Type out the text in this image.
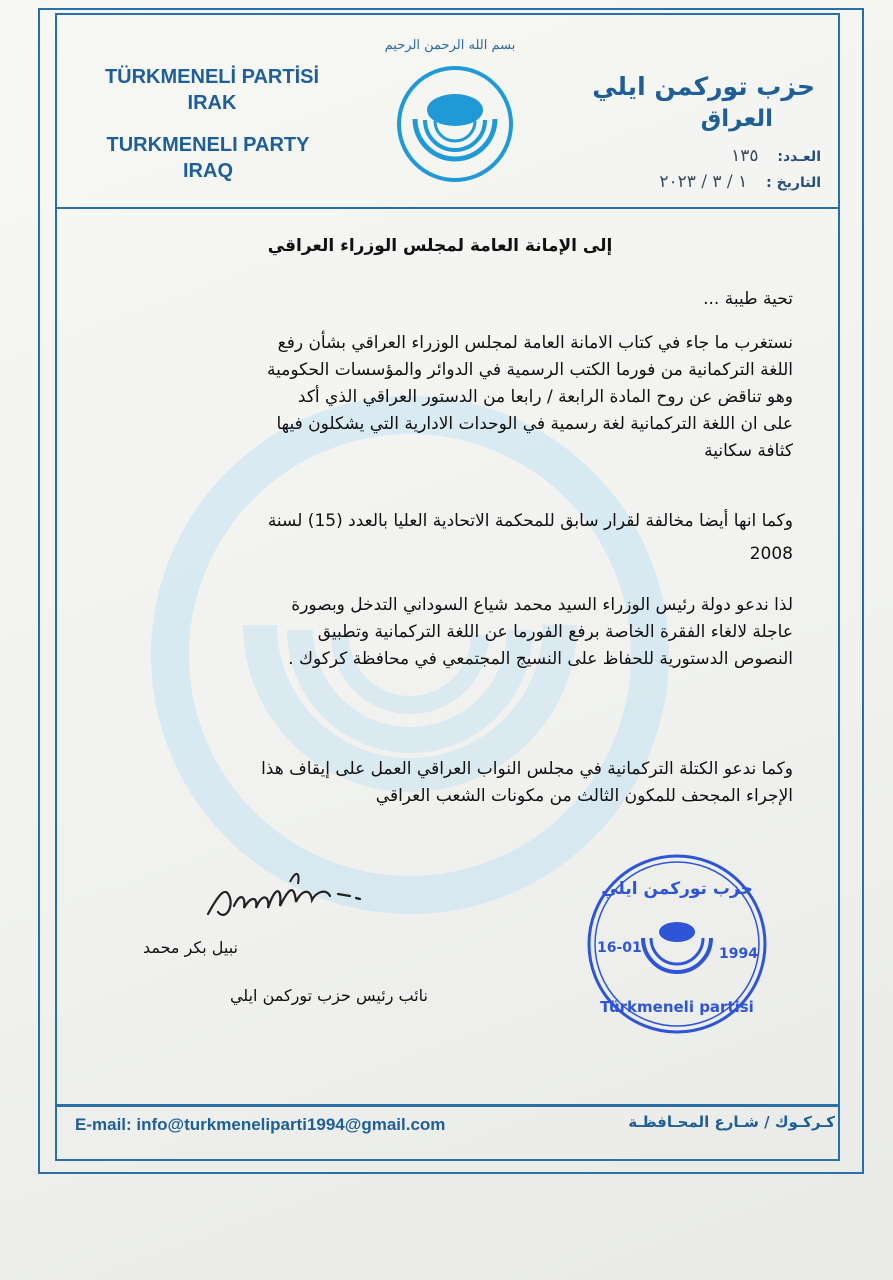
TÜRKMENELİ PARTİSİ
IRAK
TURKMENELI PARTY
IRAQ
بسم الله الرحمن الرحيم
حزب توركمن ايلي
العراق
العـدد: ١٣٥
التاريخ : ١ / ٣ / ٢٠٢٣
إلى الإمانة العامة لمجلس الوزراء العراقي
تحية طيبة ...

نستغرب ما جاء في كتاب الامانة العامة لمجلس الوزراء العراقي بشأن رفع

اللغة التركمانية من فورما الكتب الرسمية في الدوائر والمؤسسات الحكومية

وهو تناقض عن روح المادة الرابعة / رابعا من الدستور العراقي الذي أكد

على ان اللغة التركمانية لغة رسمية في الوحدات الادارية التي يشكلون فيها

كثافة سكانية

وكما انها أيضا مخالفة لقرار سابق للمحكمة الاتحادية العليا بالعدد (15) لسنة

2008

لذا ندعو دولة رئيس الوزراء السيد محمد شياع السوداني التدخل وبصورة

عاجلة لالغاء الفقرة الخاصة برفع الفورما عن اللغة التركمانية وتطبيق

النصوص الدستورية للحفاظ على النسيج المجتمعي في محافظة كركوك .

وكما ندعو الكتلة التركمانية في مجلس النواب العراقي العمل على إيقاف هذا

الإجراء المجحف للمكون الثالث من مكونات الشعب العراقي

نبيل بكر محمد
نائب رئيس حزب توركمن ايلي
حزب توركمن ايلي
16-01	1994
Türkmeneli partisi
E-mail: info@turkmeneliparti1994@gmail.com	كـركـوك / شـارع المحـافظـة
